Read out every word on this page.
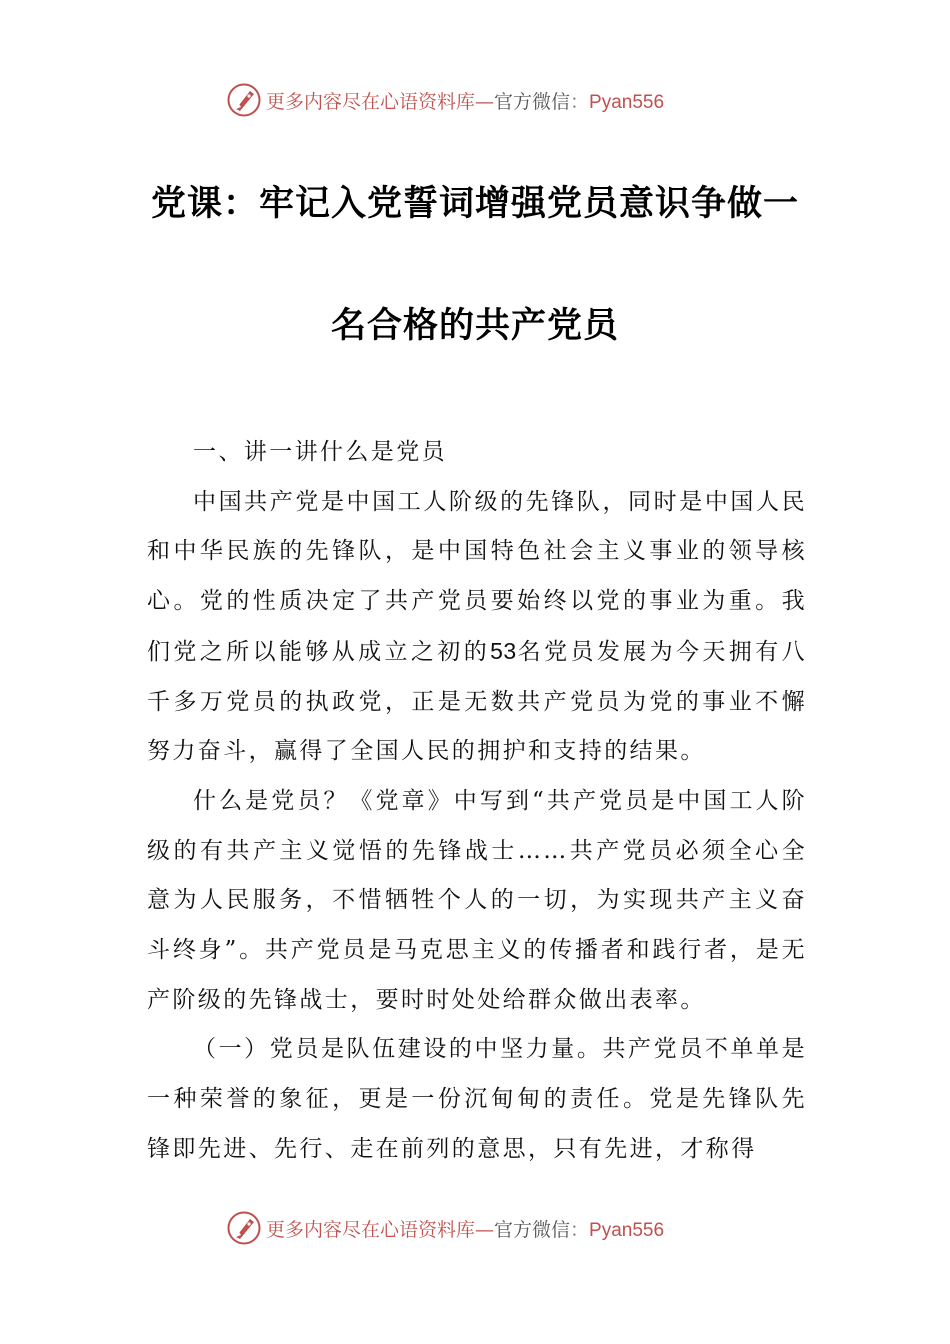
更多内容尽在心语资料库—官方微信：Pyan556
党课：牢记入党誓词增强党员意识争做一
名合格的共产党员

一、讲一讲什么是党员

中国共产党是中国工人阶级的先锋队，同时是中国人民和中华民族的先锋队，是中国特色社会主义事业的领导核心。党的性质决定了共产党员要始终以党的事业为重。我们党之所以能够从成立之初的53名党员发展为今天拥有八千多万党员的执政党，正是无数共产党员为党的事业不懈努力奋斗，赢得了全国人民的拥护和支持的结果。

什么是党员？《党章》中写到“共产党员是中国工人阶级的有共产主义觉悟的先锋战士……共产党员必须全心全意为人民服务，不惜牺牲个人的一切，为实现共产主义奋斗终身”。共产党员是马克思主义的传播者和践行者，是无产阶级的先锋战士，要时时处处给群众做出表率。

（一）党员是队伍建设的中坚力量。共产党员不单单是一种荣誉的象征，更是一份沉甸甸的责任。党是先锋队先锋即先进、先行、走在前列的意思，只有先进，才称得

更多内容尽在心语资料库—官方微信：Pyan556
